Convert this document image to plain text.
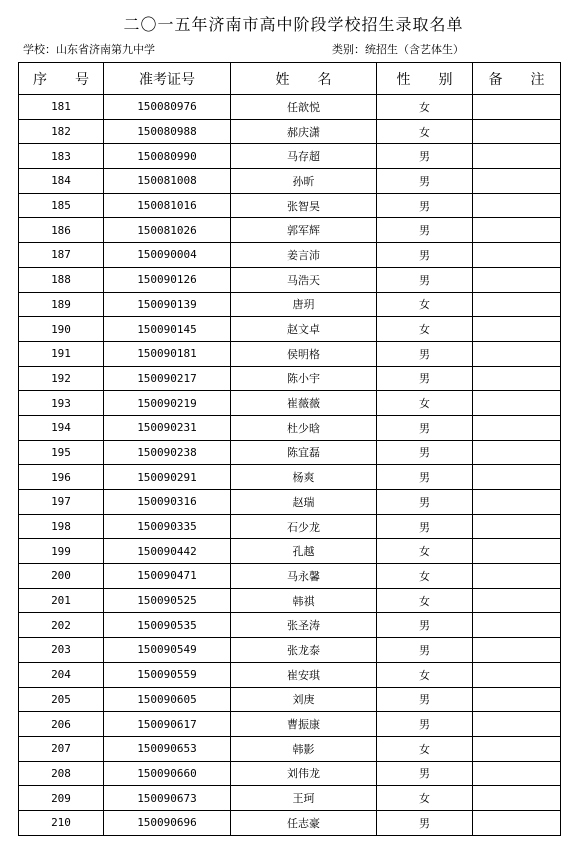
二〇一五年济南市高中阶段学校招生录取名单
学校：山东省济南第九中学	类别：统招生（含艺体生）
序　　号	准考证号	姓　　名	性　　别	备　　注
181	150080976	任歆悦	女	
182	150080988	郝庆潇	女	
183	150080990	马存超	男	
184	150081008	孙昕	男	
185	150081016	张智昊	男	
186	150081026	郭军辉	男	
187	150090004	姜言沛	男	
188	150090126	马浩天	男	
189	150090139	唐玥	女	
190	150090145	赵文卓	女	
191	150090181	侯明格	男	
192	150090217	陈小宇	男	
193	150090219	崔薇薇	女	
194	150090231	杜少晗	男	
195	150090238	陈宜磊	男	
196	150090291	杨爽	男	
197	150090316	赵瑞	男	
198	150090335	石少龙	男	
199	150090442	孔越	女	
200	150090471	马永馨	女	
201	150090525	韩祺	女	
202	150090535	张圣涛	男	
203	150090549	张龙泰	男	
204	150090559	崔安琪	女	
205	150090605	刘庚	男	
206	150090617	曹振康	男	
207	150090653	韩影	女	
208	150090660	刘伟龙	男	
209	150090673	王珂	女	
210	150090696	任志豪	男	
